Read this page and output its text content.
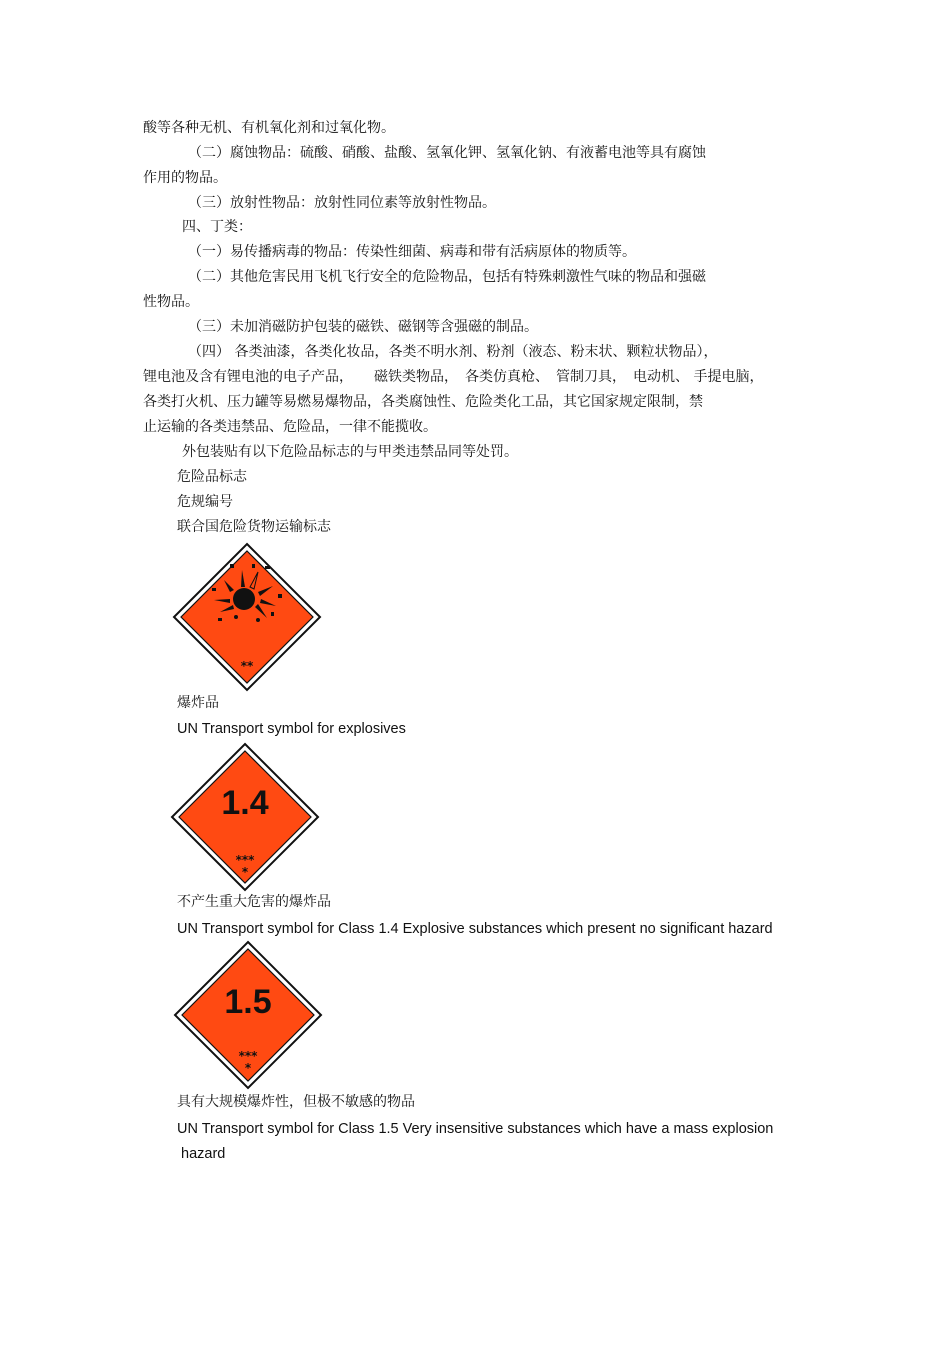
酸等各种无机、有机氧化剂和过氧化物。
（二）腐蚀物品：硫酸、硝酸、盐酸、氢氧化钾、氢氧化钠、有液蓄电池等具有腐蚀
作用的物品。
（三）放射性物品：放射性同位素等放射性物品。
四、丁类：
（一）易传播病毒的物品：传染性细菌、病毒和带有活病原体的物质等。
（二）其他危害民用飞机飞行安全的危险物品，包括有特殊刺激性气味的物品和强磁
性物品。
（三）未加消磁防护包装的磁铁、磁钢等含强磁的制品。
（四） 各类油漆，各类化妆品，各类不明水剂、粉剂（液态、粉末状、颗粒状物品），
锂电池及含有锂电池的电子产品，　　磁铁类物品，　各类仿真枪、　管制刀具，　电动机、 手提电脑，
各类打火机、压力罐等易燃易爆物品，各类腐蚀性、危险类化工品，其它国家规定限制，禁
止运输的各类违禁品、危险品，一律不能揽收。
外包装贴有以下危险品标志的与甲类违禁品同等处罚。
危险品标志
危规编号
联合国危险货物运输标志
**
爆炸品
UN Transport symbol for explosives
1.4
***
*
不产生重大危害的爆炸品
UN Transport symbol for Class 1.4 Explosive substances which present no significant hazard
1.5
***
*
具有大规模爆炸性，但极不敏感的物品
UN Transport symbol for Class 1.5 Very insensitive substances which have a mass explosion
hazard
